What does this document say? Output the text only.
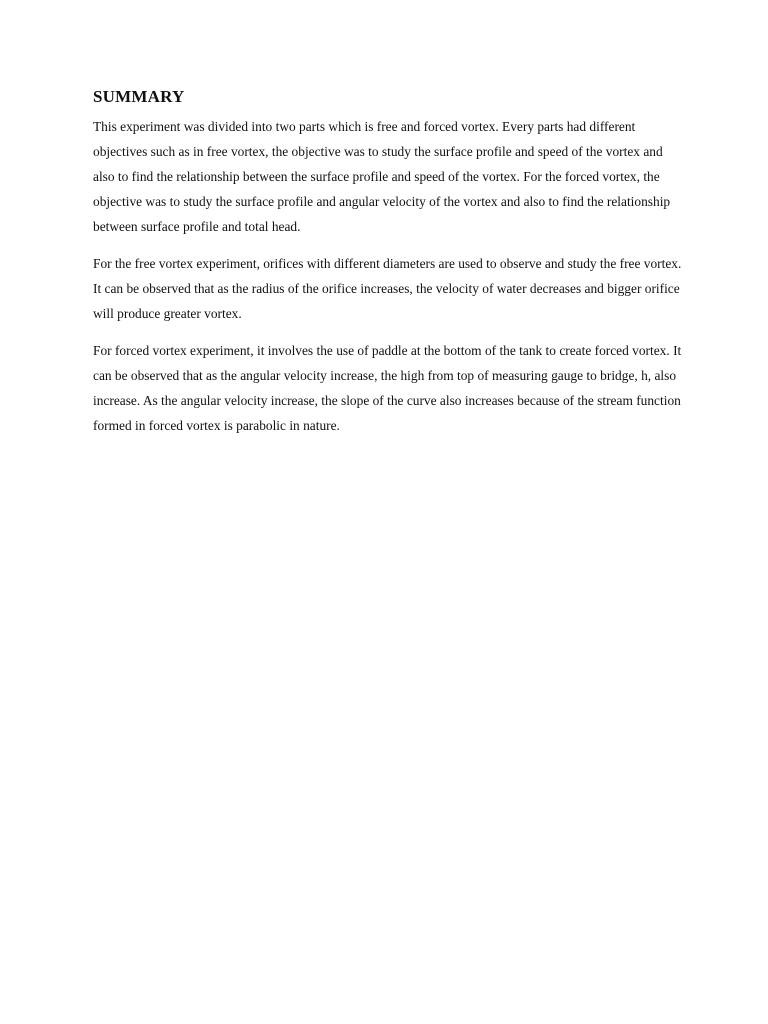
SUMMARY

This experiment was divided into two parts which is free and forced vortex. Every parts had different objectives such as in free vortex, the objective was to study the surface profile and speed of the vortex and also to find the relationship between the surface profile and speed of the vortex. For the forced vortex, the objective was to study the surface profile and angular velocity of the vortex and also to find the relationship between surface profile and total head.

For the free vortex experiment, orifices with different diameters are used to observe and study the free vortex. It can be observed that as the radius of the orifice increases, the velocity of water decreases and bigger orifice will produce greater vortex.

For forced vortex experiment, it involves the use of paddle at the bottom of the tank to create forced vortex. It can be observed that as the angular velocity increase, the high from top of measuring gauge to bridge, h, also increase. As the angular velocity increase, the slope of the curve also increases because of the stream function formed in forced vortex is parabolic in nature.
